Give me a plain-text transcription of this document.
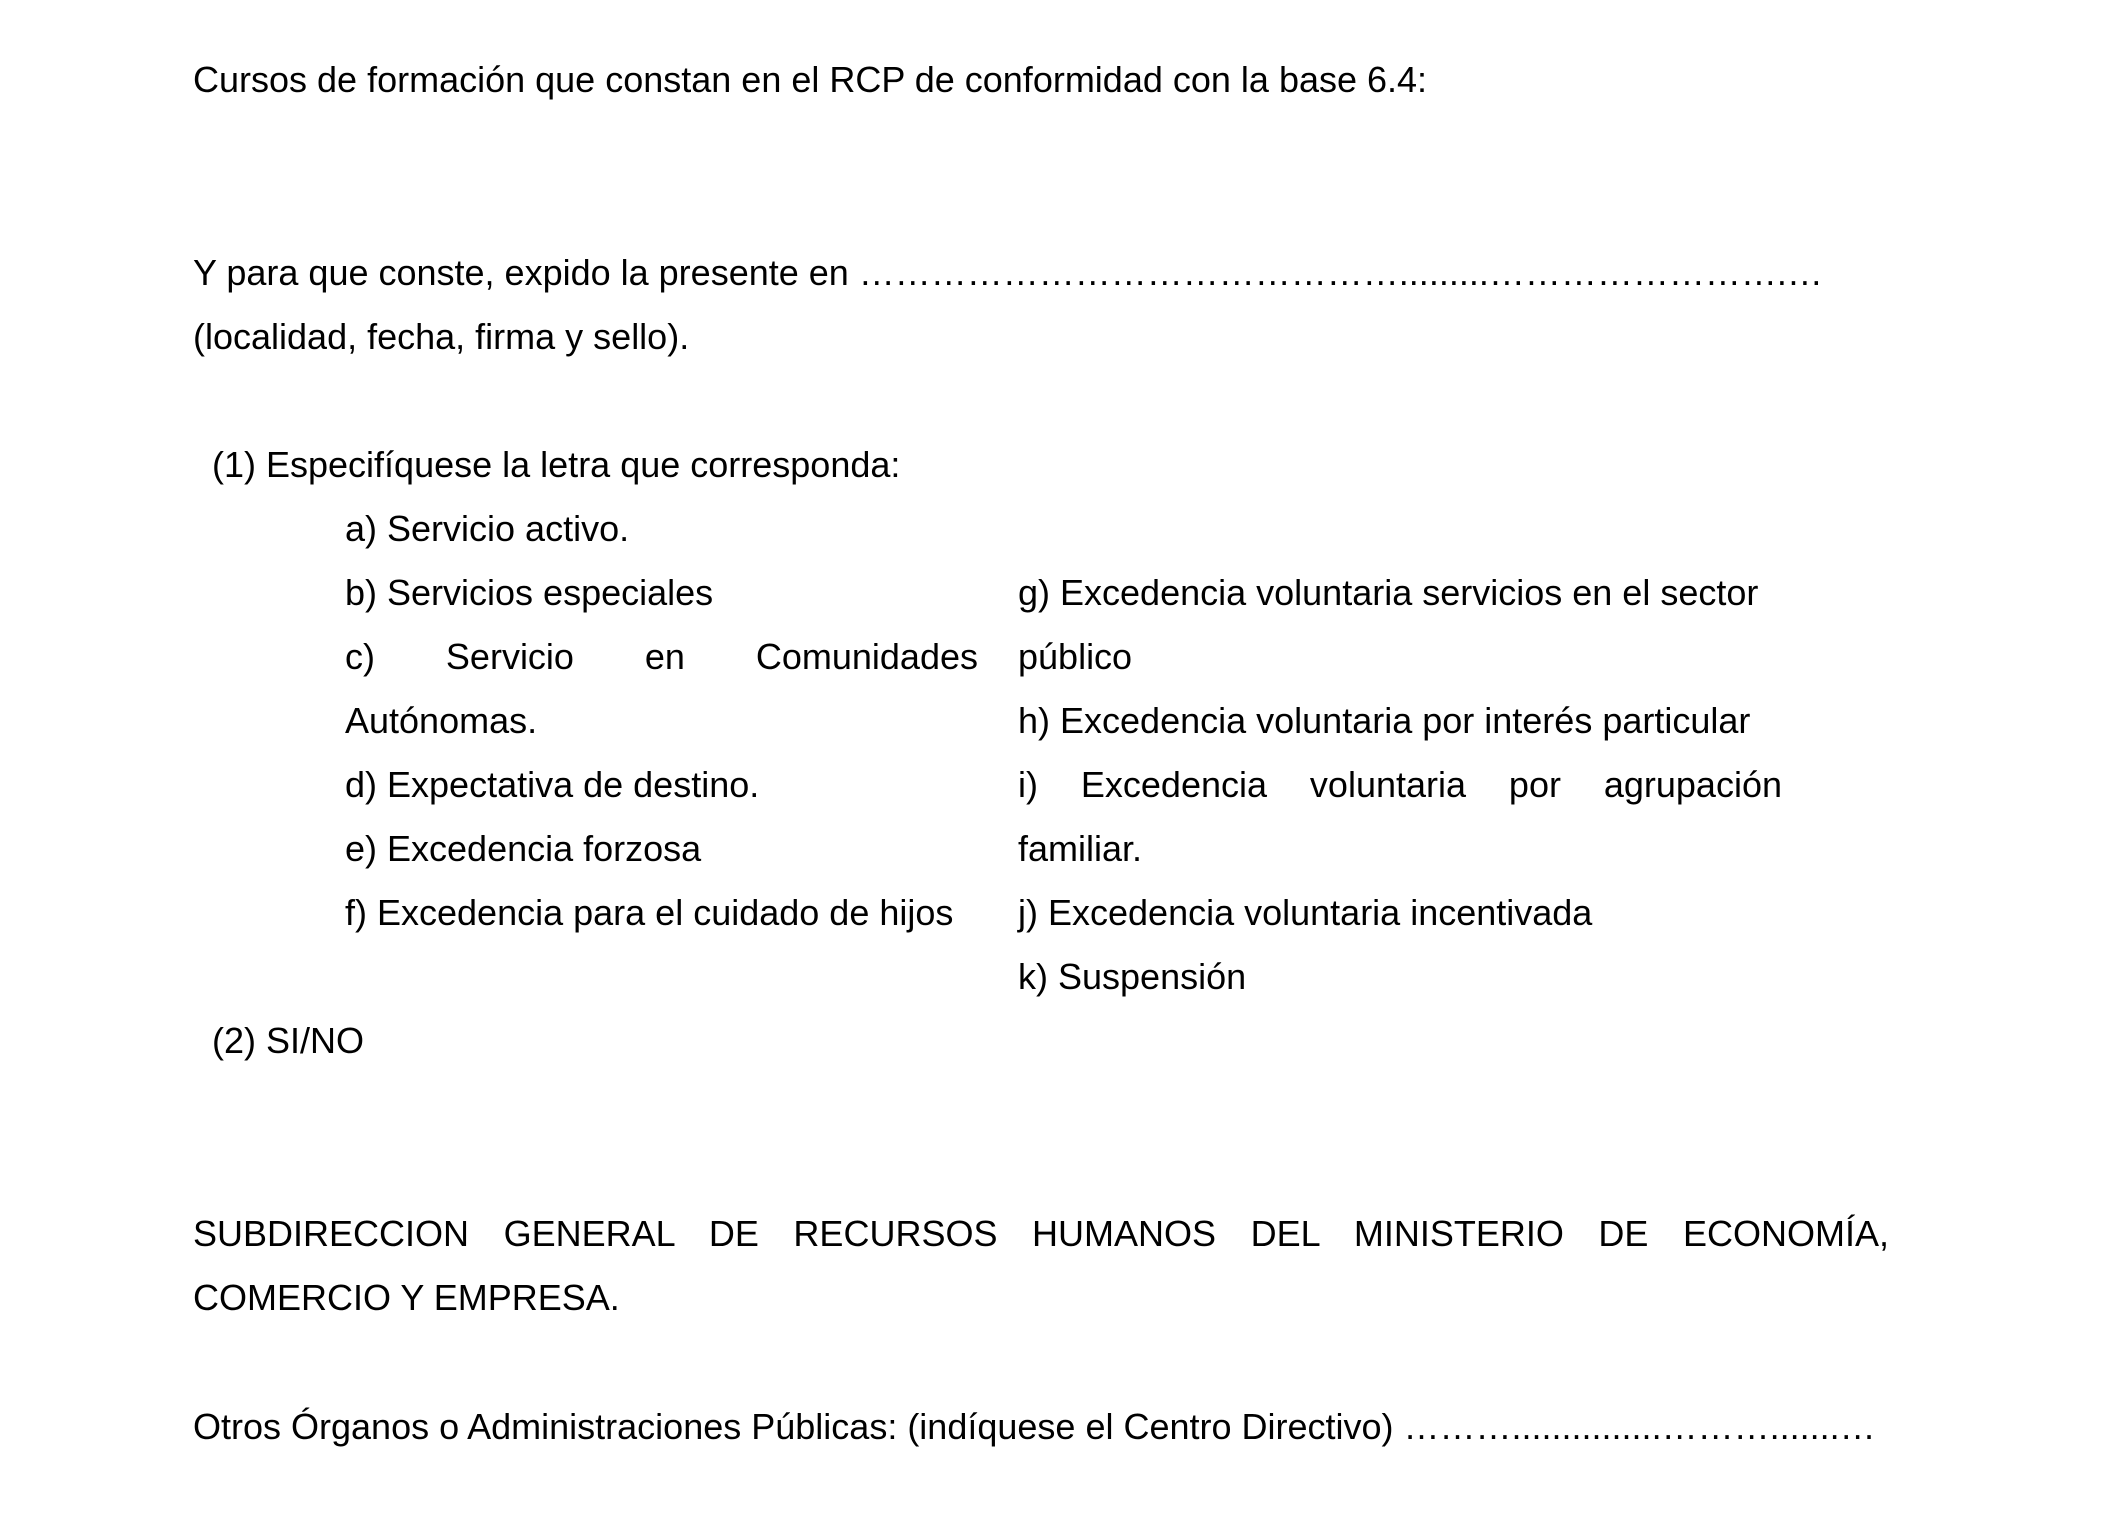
Cursos de formación que constan en el RCP de conformidad con la base 6.4:
Y para que conste, expido la presente en ……………………………………….........…………………….…
(localidad, fecha, firma y sello).
(1) Especifíquese la letra que corresponda:
a) Servicio activo.
b) Servicios especiales
c) Servicio en Comunidades
Autónomas.
d) Expectativa de destino.
e) Excedencia forzosa
f) Excedencia para el cuidado de hijos
g) Excedencia voluntaria servicios en el sector
público
h) Excedencia voluntaria por interés particular
i) Excedencia voluntaria por agrupación
familiar.
j) Excedencia voluntaria incentivada
k) Suspensión
(2) SI/NO
SUBDIRECCION GENERAL DE RECURSOS HUMANOS DEL MINISTERIO DE ECONOMÍA,
COMERCIO Y EMPRESA.
Otros Órganos o Administraciones Públicas: (indíquese el Centro Directivo) ………...............……….......…
